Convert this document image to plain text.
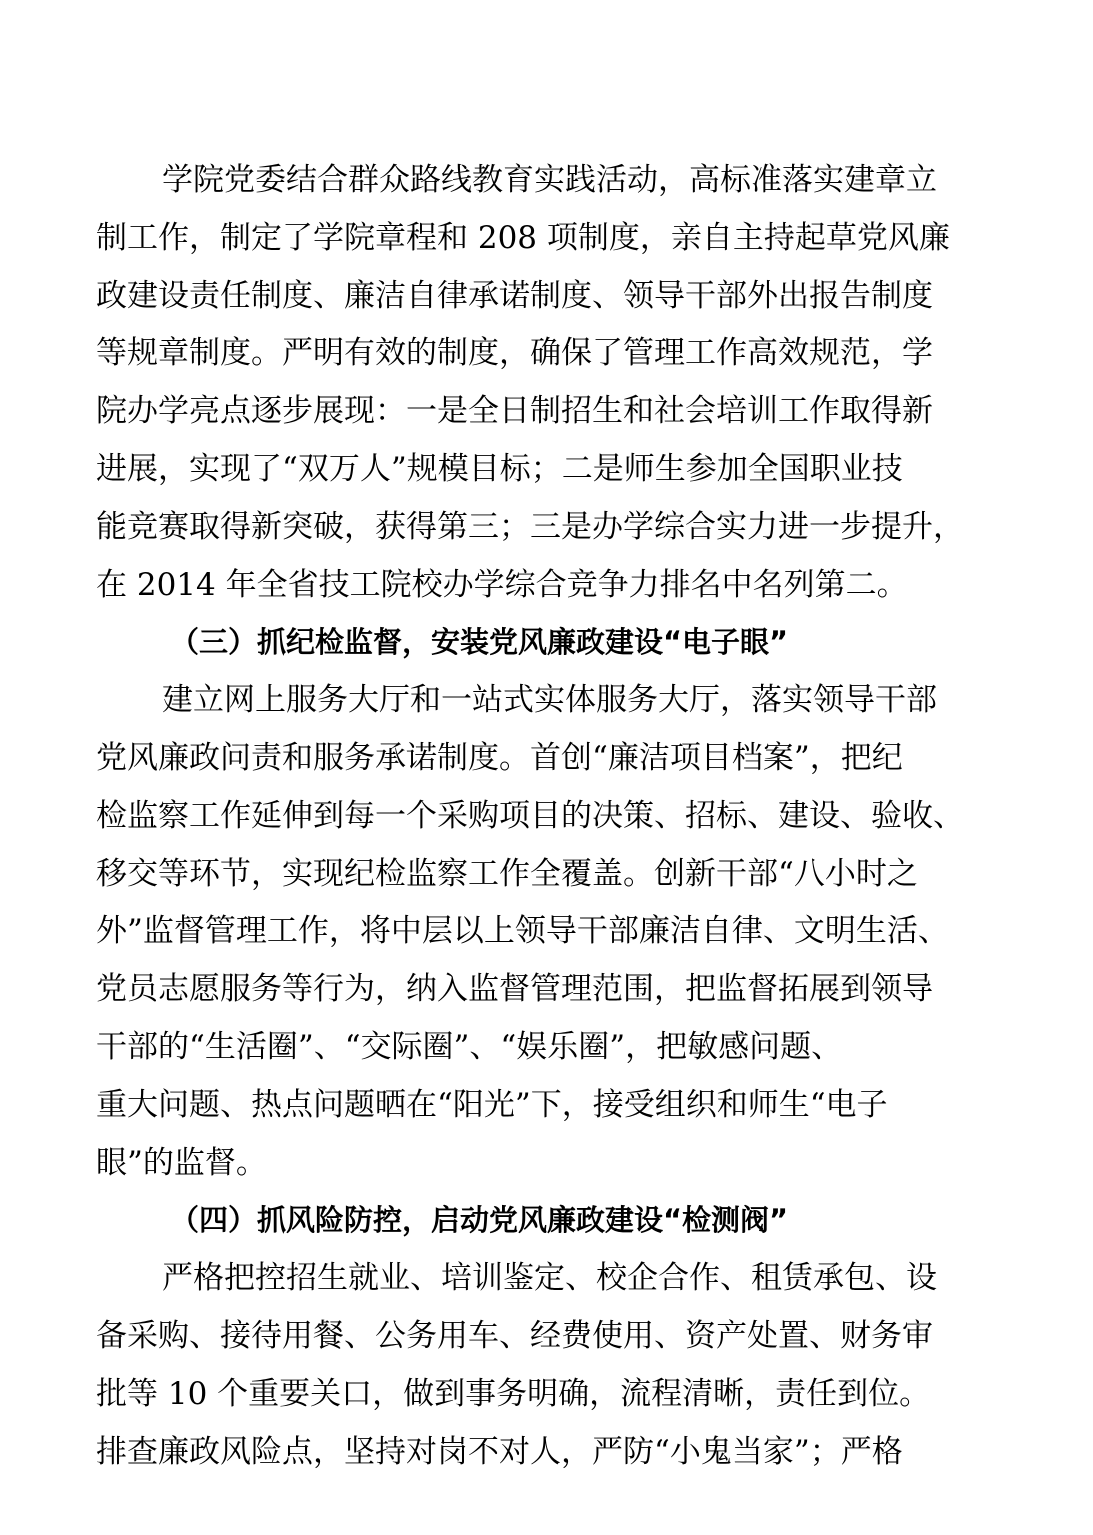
学院党委结合群众路线教育实践活动，高标准落实建章立
制工作，制定了学院章程和 208 项制度，亲自主持起草党风廉
政建设责任制度、廉洁自律承诺制度、领导干部外出报告制度
等规章制度。严明有效的制度，确保了管理工作高效规范，学
院办学亮点逐步展现：一是全日制招生和社会培训工作取得新
进展，实现了“双万人”规模目标；二是师生参加全国职业技
能竞赛取得新突破，获得第三；三是办学综合实力进一步提升，
在 2014 年全省技工院校办学综合竞争力排名中名列第二。
（三）抓纪检监督，安装党风廉政建设“电子眼”
建立网上服务大厅和一站式实体服务大厅，落实领导干部
党风廉政问责和服务承诺制度。首创“廉洁项目档案”，把纪
检监察工作延伸到每一个采购项目的决策、招标、建设、验收、
移交等环节，实现纪检监察工作全覆盖。创新干部“八小时之
外”监督管理工作，将中层以上领导干部廉洁自律、文明生活、
党员志愿服务等行为，纳入监督管理范围，把监督拓展到领导
干部的“生活圈”、“交际圈”、“娱乐圈”，把敏感问题、
重大问题、热点问题晒在“阳光”下，接受组织和师生“电子
眼”的监督。
（四）抓风险防控，启动党风廉政建设“检测阀”
严格把控招生就业、培训鉴定、校企合作、租赁承包、设
备采购、接待用餐、公务用车、经费使用、资产处置、财务审
批等 10 个重要关口，做到事务明确，流程清晰，责任到位。
排查廉政风险点，坚持对岗不对人，严防“小鬼当家”；严格
